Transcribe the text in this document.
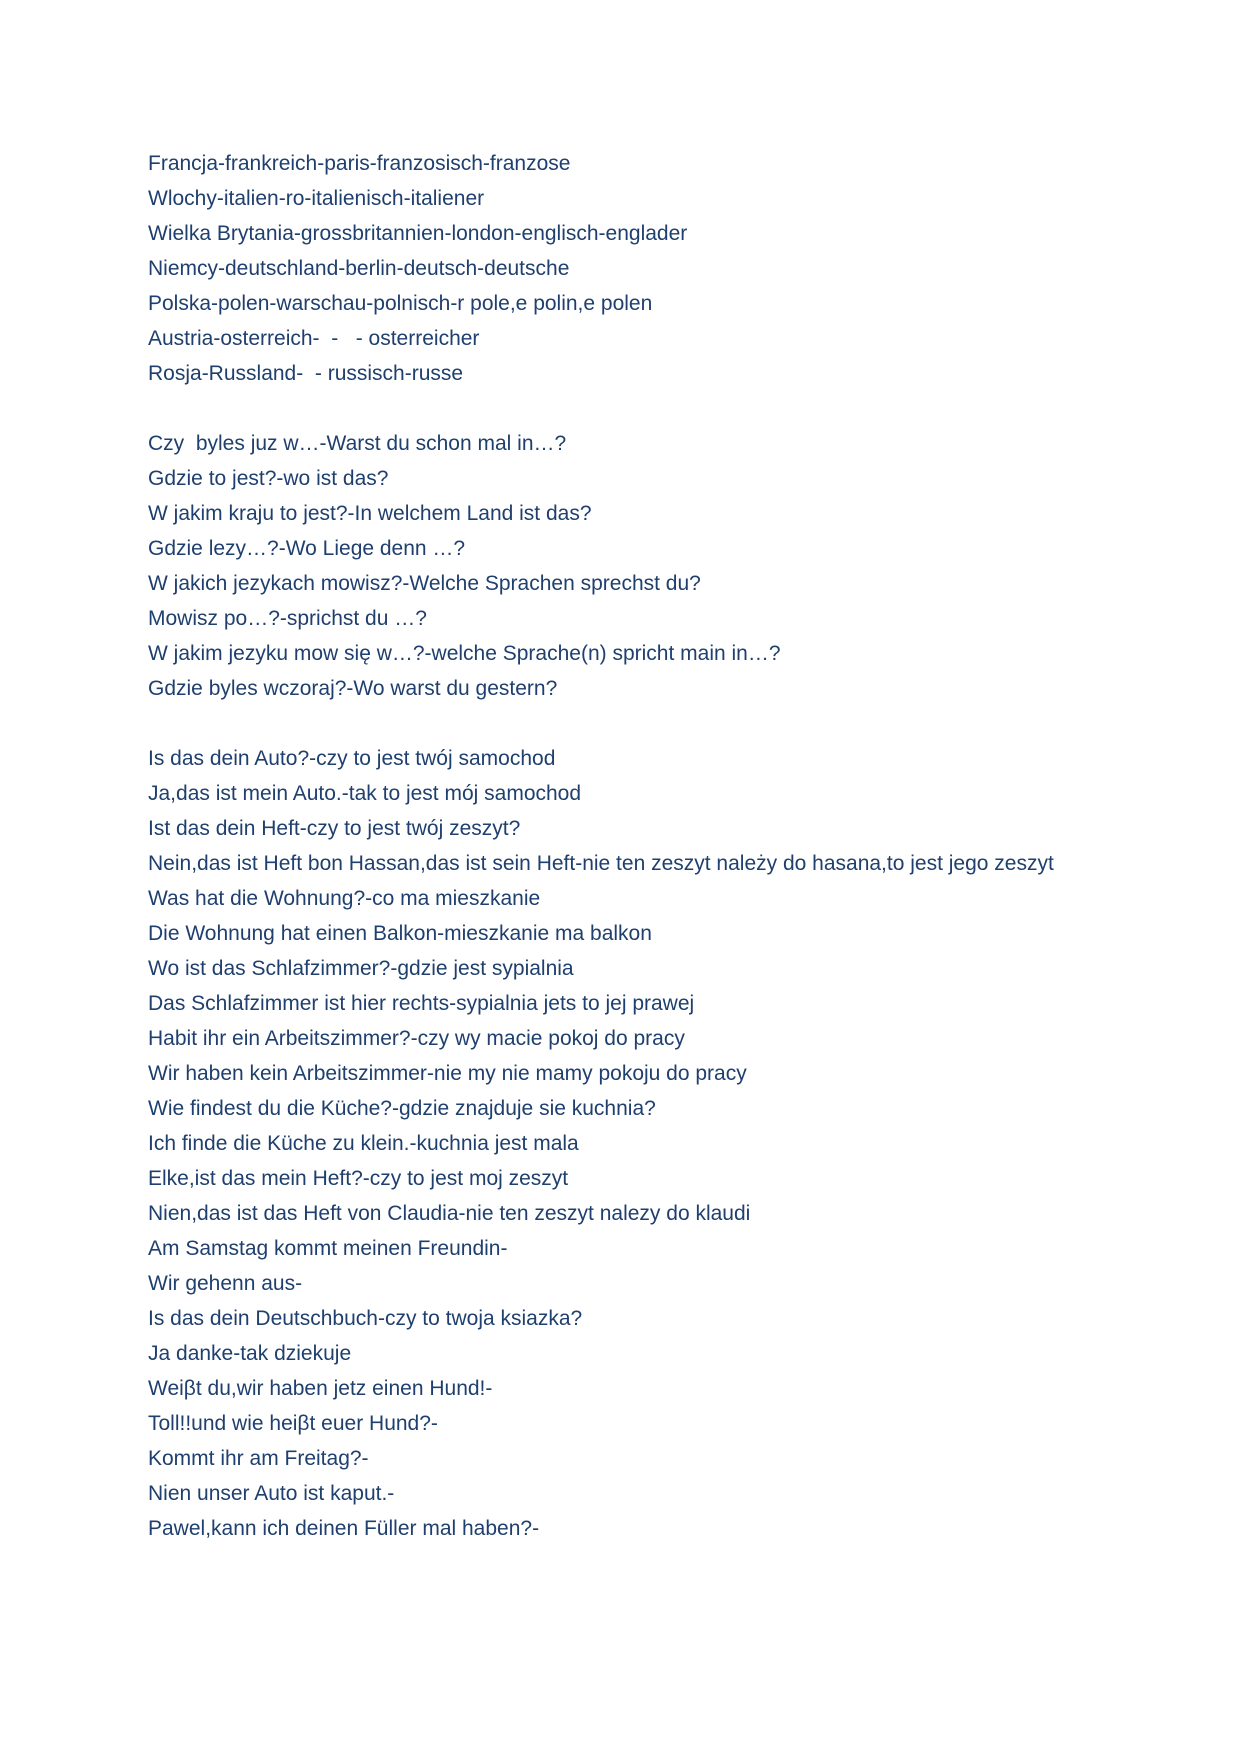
Francja-frankreich-paris-franzosisch-franzose
Wlochy-italien-ro-italienisch-italiener
Wielka Brytania-grossbritannien-london-englisch-englader
Niemcy-deutschland-berlin-deutsch-deutsche
Polska-polen-warschau-polnisch-r pole,e polin,e polen
Austria-osterreich-  -   - osterreicher
Rosja-Russland-  - russisch-russe
Czy  byles juz w…-Warst du schon mal in…?
Gdzie to jest?-wo ist das?
W jakim kraju to jest?-In welchem Land ist das?
Gdzie lezy…?-Wo Liege denn …?
W jakich jezykach mowisz?-Welche Sprachen sprechst du?
Mowisz po…?-sprichst du …?
W jakim jezyku mow się w…?-welche Sprache(n) spricht main in…?
Gdzie byles wczoraj?-Wo warst du gestern?
Is das dein Auto?-czy to jest twój samochod
Ja,das ist mein Auto.-tak to jest mój samochod
Ist das dein Heft-czy to jest twój zeszyt?
Nein,das ist Heft bon Hassan,das ist sein Heft-nie ten zeszyt należy do hasana,to jest jego zeszyt
Was hat die Wohnung?-co ma mieszkanie
Die Wohnung hat einen Balkon-mieszkanie ma balkon
Wo ist das Schlafzimmer?-gdzie jest sypialnia
Das Schlafzimmer ist hier rechts-sypialnia jets to jej prawej
Habit ihr ein Arbeitszimmer?-czy wy macie pokoj do pracy
Wir haben kein Arbeitszimmer-nie my nie mamy pokoju do pracy
Wie findest du die Küche?-gdzie znajduje sie kuchnia?
Ich finde die Küche zu klein.-kuchnia jest mala
Elke,ist das mein Heft?-czy to jest moj zeszyt
Nien,das ist das Heft von Claudia-nie ten zeszyt nalezy do klaudi
Am Samstag kommt meinen Freundin-
Wir gehenn aus-
Is das dein Deutschbuch-czy to twoja ksiazka?
Ja danke-tak dziekuje
Weiβt du,wir haben jetz einen Hund!-
Toll!!und wie heiβt euer Hund?-
Kommt ihr am Freitag?-
Nien unser Auto ist kaput.-
Pawel,kann ich deinen Füller mal haben?-
